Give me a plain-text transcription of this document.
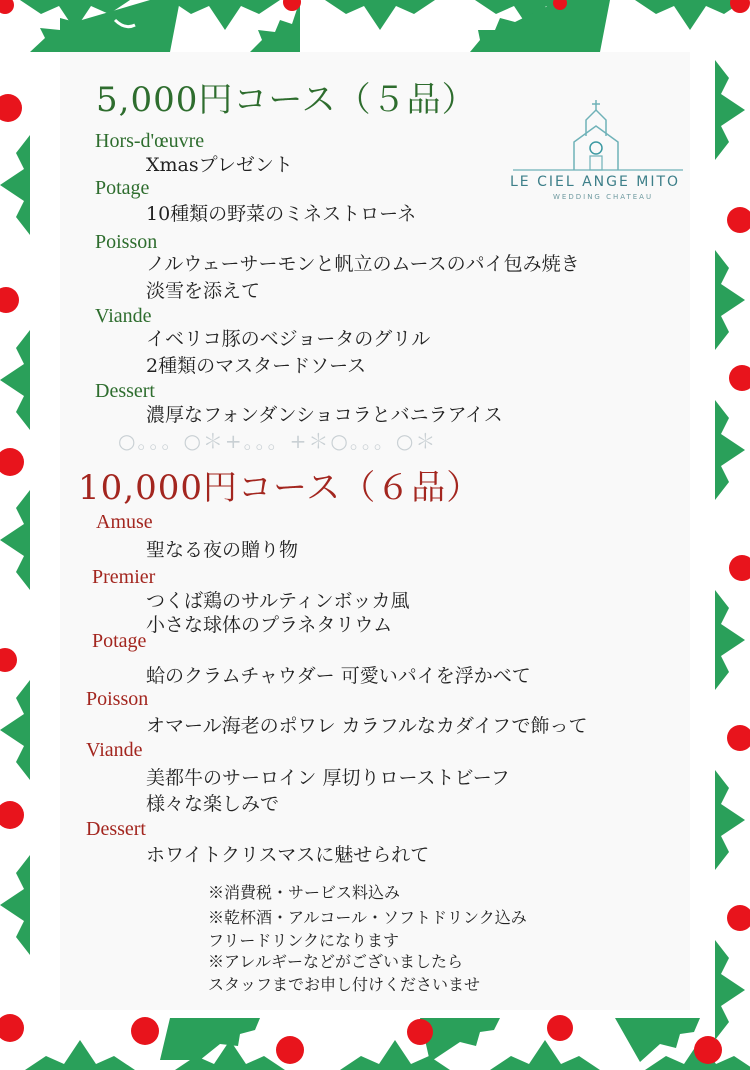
LE CIEL ANGE MITO
WEDDING CHATEAU
5,000円コース（５品）
Hors-d'œuvre
Xmasプレゼント
Potage
10種類の野菜のミネストローネ
Poisson
ノルウェーサーモンと帆立のムースのパイ包み焼き
淡雪を添えて
Viande
イベリコ豚のベジョータのグリル
2種類のマスタードソース
Dessert
濃厚なフォンダンショコラとバニラアイス
○。。。○＊+。。。+＊○。。。○＊
10,000円コース（６品）
Amuse
聖なる夜の贈り物
Premier
つくば鶏のサルティンボッカ風
小さな球体のプラネタリウム
Potage
蛤のクラムチャウダー 可愛いパイを浮かべて
Poisson
オマール海老のポワレ カラフルなカダイフで飾って
Viande
美都牛のサーロイン 厚切りローストビーフ
様々な楽しみで
Dessert
ホワイトクリスマスに魅せられて
※消費税・サービス料込み
※乾杯酒・アルコール・ソフトドリンク込み
フリードリンクになります
※アレルギーなどがございましたら
スタッフまでお申し付けくださいませ
